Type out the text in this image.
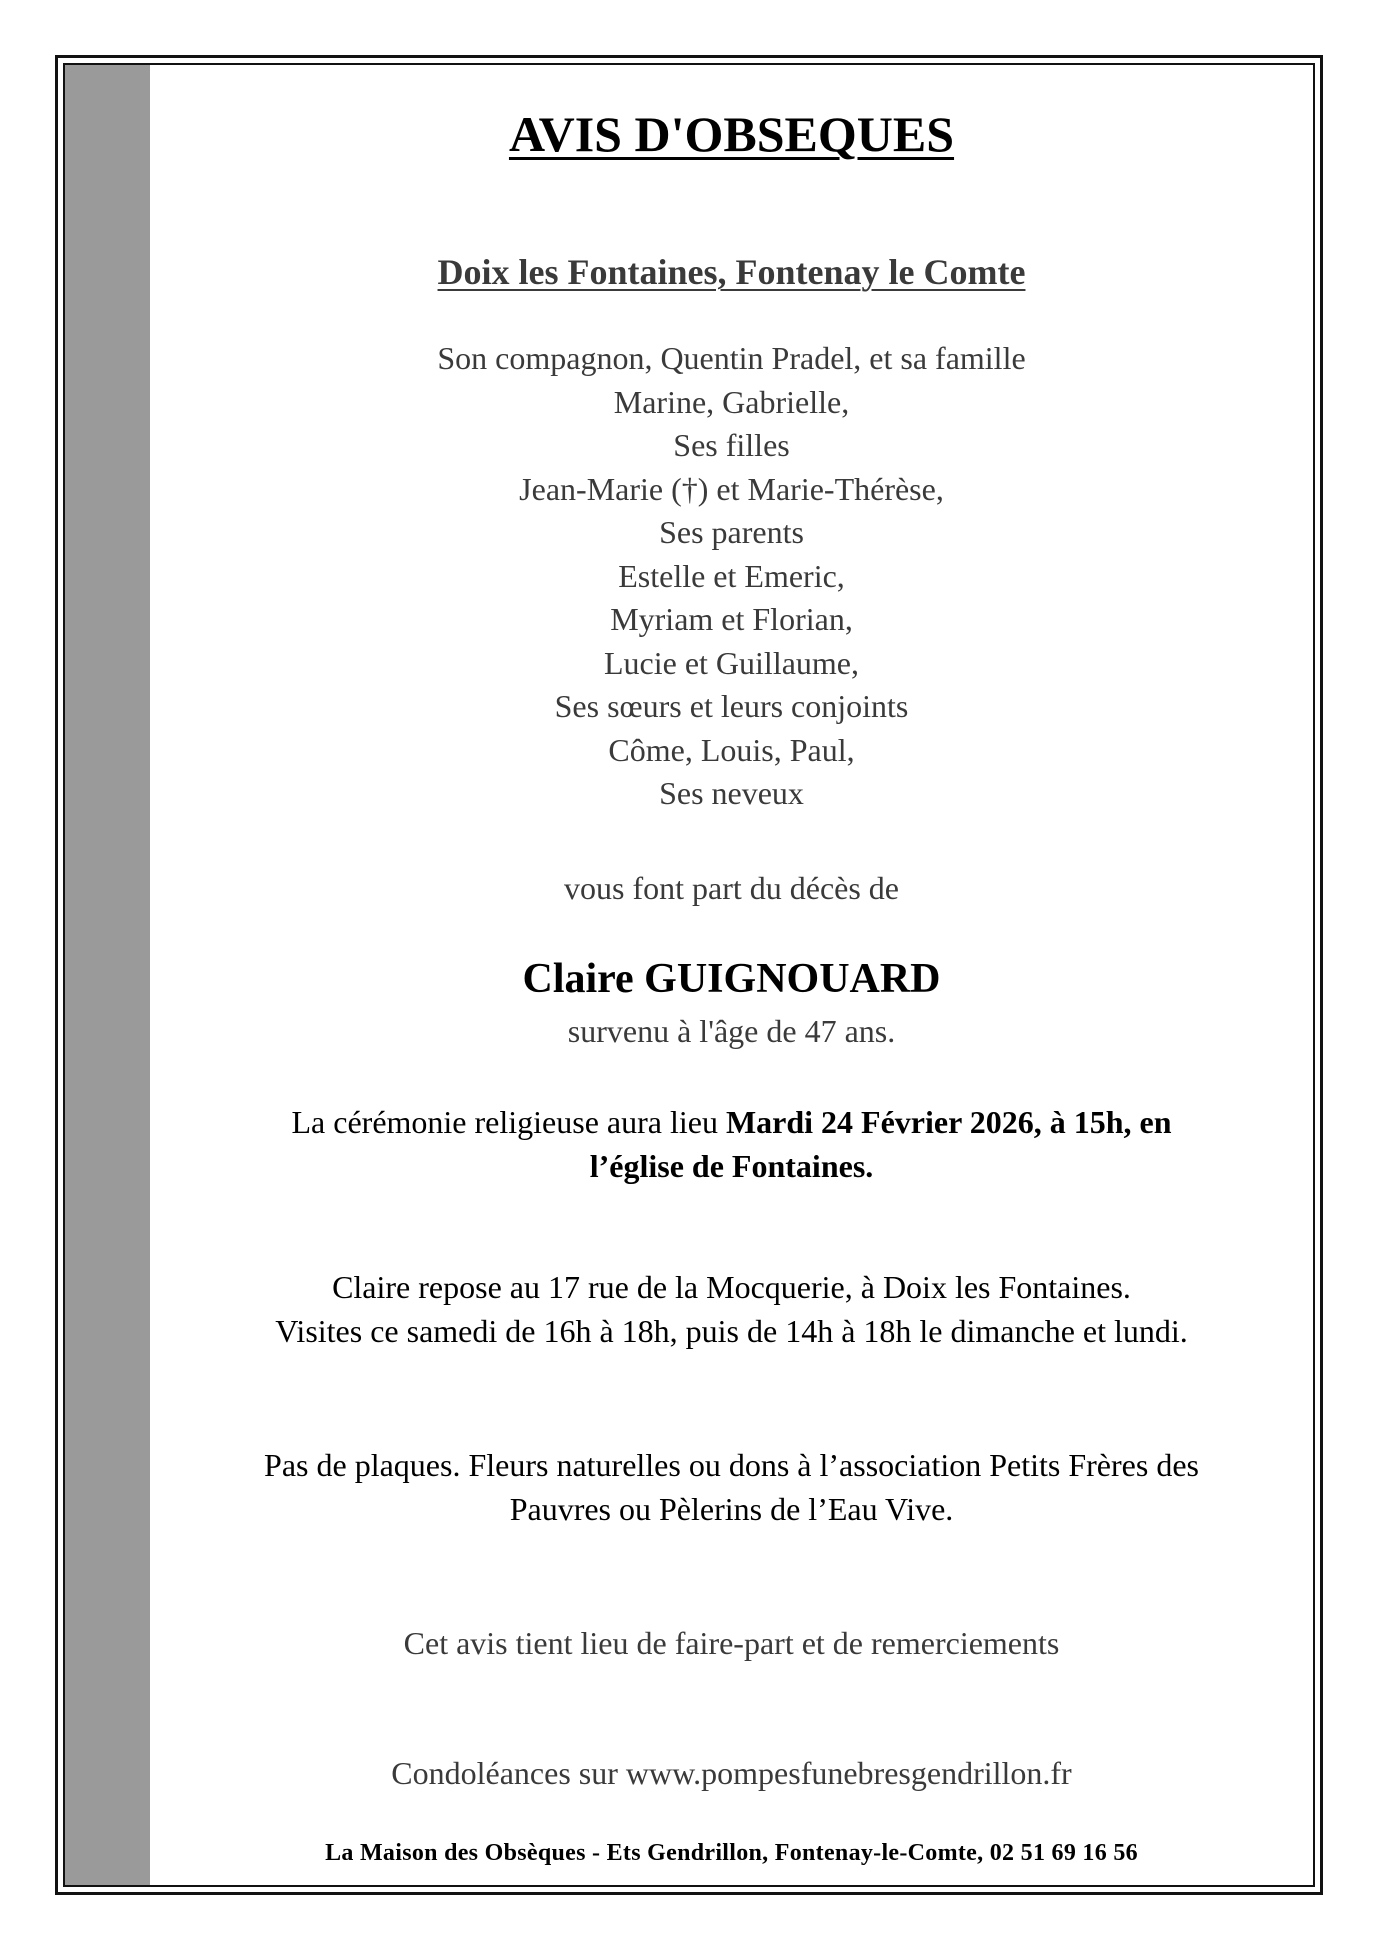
AVIS D'OBSEQUES
Doix les Fontaines, Fontenay le Comte
Son compagnon, Quentin Pradel, et sa famille
Marine, Gabrielle,
Ses filles
Jean-Marie (†) et Marie-Thérèse,
Ses parents
Estelle et Emeric,
Myriam et Florian,
Lucie et Guillaume,
Ses sœurs et leurs conjoints
Côme, Louis, Paul,
Ses neveux
vous font part du décès de
Claire GUIGNOUARD
survenu à l'âge de 47 ans.
La cérémonie religieuse aura lieu Mardi 24 Février 2026, à 15h, en
l’église de Fontaines.
Claire repose au 17 rue de la Mocquerie, à Doix les Fontaines.
Visites ce samedi de 16h à 18h, puis de 14h à 18h le dimanche et lundi.
Pas de plaques. Fleurs naturelles ou dons à l’association Petits Frères des
Pauvres ou Pèlerins de l’Eau Vive.
Cet avis tient lieu de faire-part et de remerciements
Condoléances sur www.pompesfunebresgendrillon.fr
La Maison des Obsèques - Ets Gendrillon, Fontenay-le-Comte, 02 51 69 16 56
